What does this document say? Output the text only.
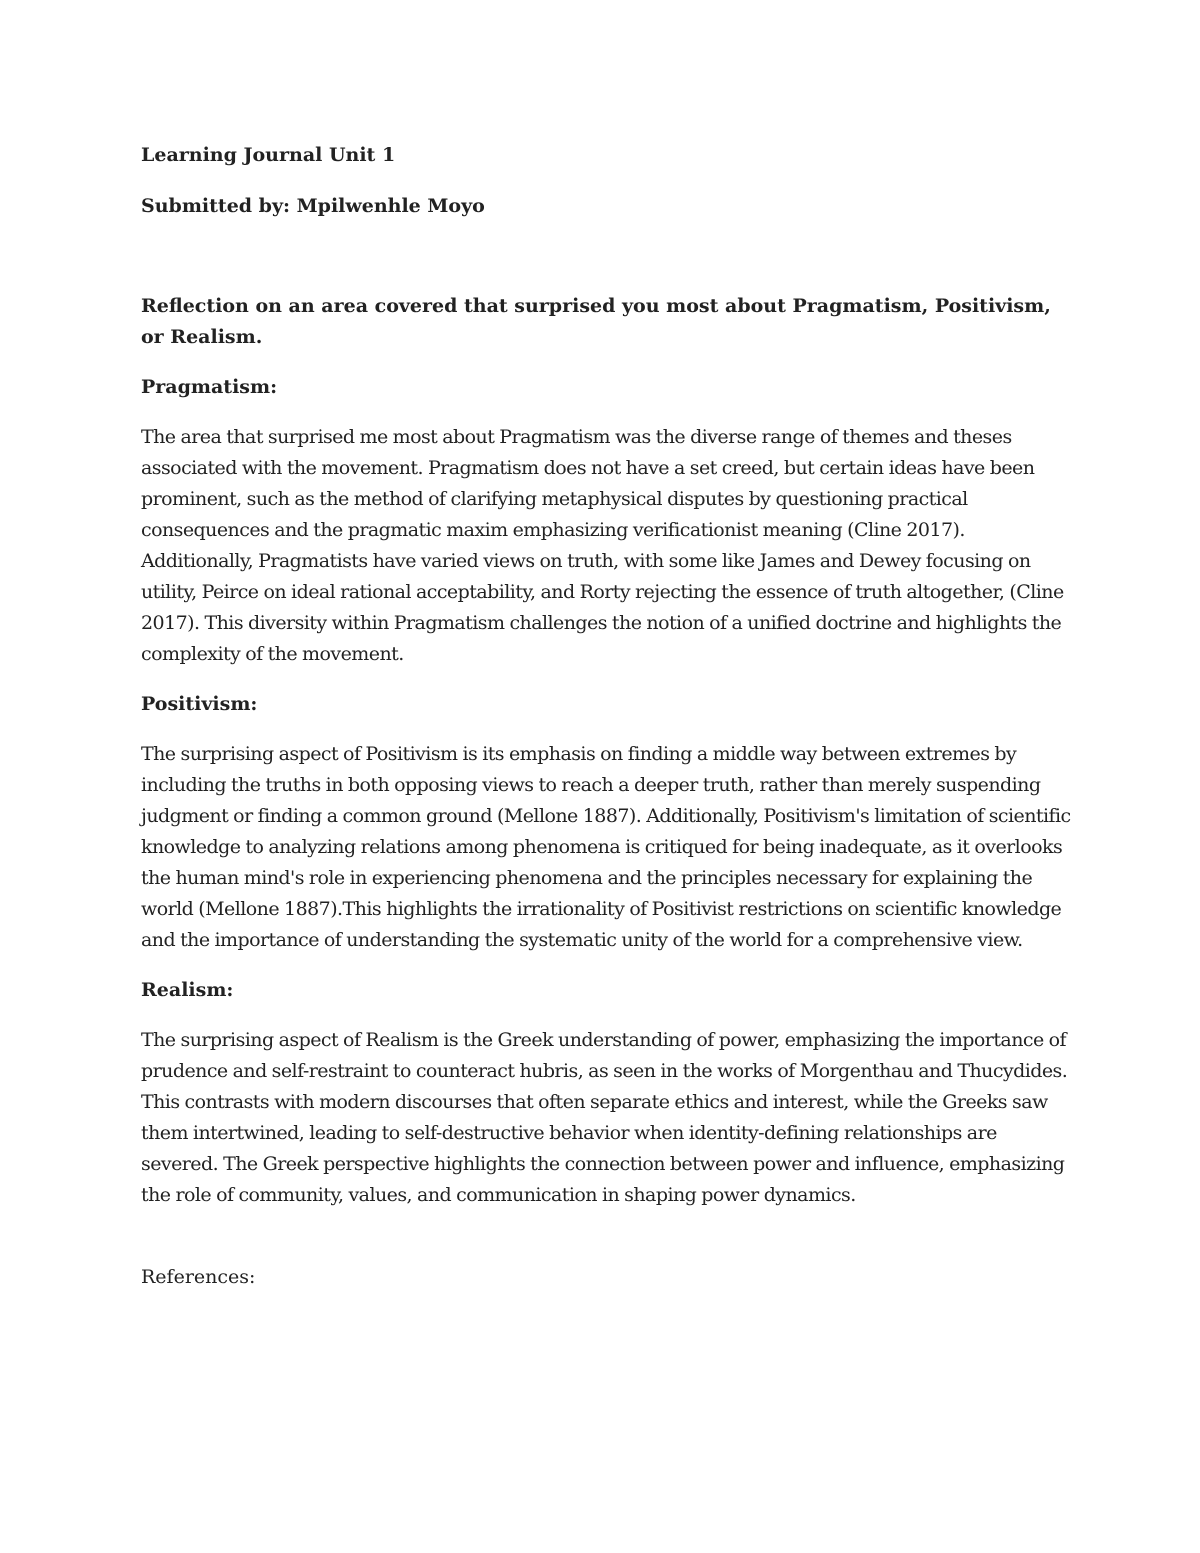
Learning Journal Unit 1

Submitted by: Mpilwenhle Moyo

Reflection on an area covered that surprised you most about Pragmatism, Positivism, or Realism.

Pragmatism:

The area that surprised me most about Pragmatism was the diverse range of themes and theses associated with the movement. Pragmatism does not have a set creed, but certain ideas have been prominent, such as the method of clarifying metaphysical disputes by questioning practical consequences and the pragmatic maxim emphasizing verificationist meaning (Cline 2017). Additionally, Pragmatists have varied views on truth, with some like James and Dewey focusing on utility, Peirce on ideal rational acceptability, and Rorty rejecting the essence of truth altogether, (Cline 2017). This diversity within Pragmatism challenges the notion of a unified doctrine and highlights the complexity of the movement.

Positivism:

The surprising aspect of Positivism is its emphasis on finding a middle way between extremes by including the truths in both opposing views to reach a deeper truth, rather than merely suspending judgment or finding a common ground (Mellone 1887). Additionally, Positivism's limitation of scientific knowledge to analyzing relations among phenomena is critiqued for being inadequate, as it overlooks the human mind's role in experiencing phenomena and the principles necessary for explaining the world (Mellone 1887).This highlights the irrationality of Positivist restrictions on scientific knowledge and the importance of understanding the systematic unity of the world for a comprehensive view.

Realism:

The surprising aspect of Realism is the Greek understanding of power, emphasizing the importance of prudence and self-restraint to counteract hubris, as seen in the works of Morgenthau and Thucydides. This contrasts with modern discourses that often separate ethics and interest, while the Greeks saw them intertwined, leading to self-destructive behavior when identity-defining relationships are severed. The Greek perspective highlights the connection between power and influence, emphasizing the role of community, values, and communication in shaping power dynamics.

References:
